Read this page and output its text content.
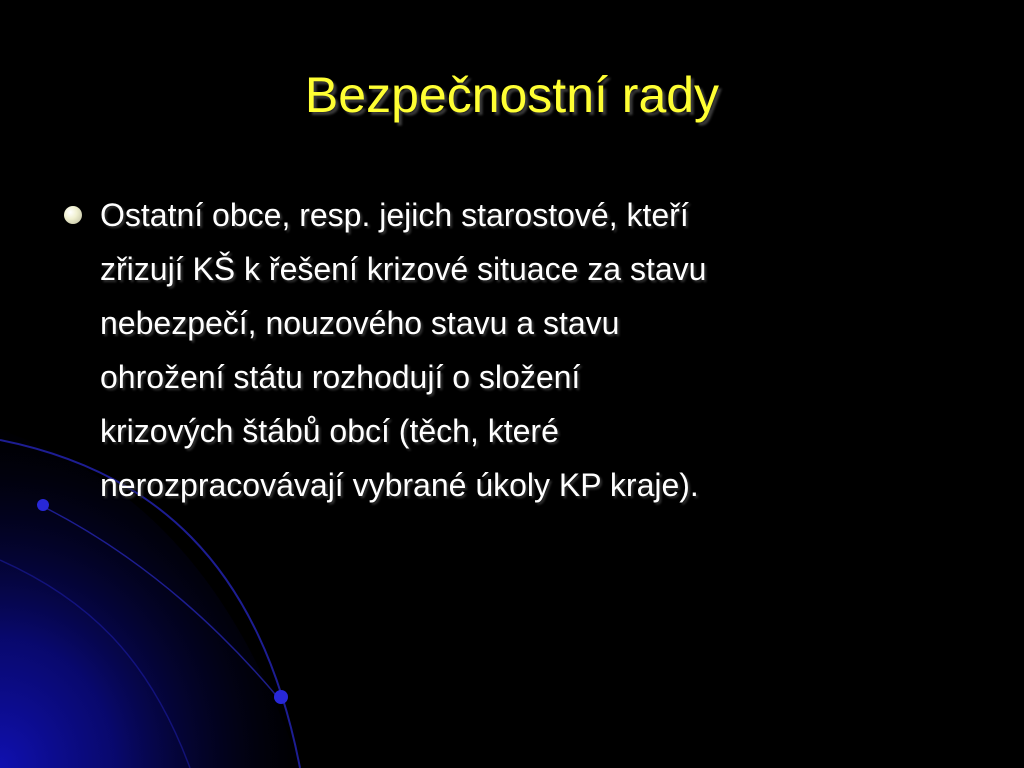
Bezpečnostní rady
Ostatní obce, resp. jejich starostové, kteří
zřizují KŠ k řešení krizové situace za stavu
nebezpečí, nouzového stavu a stavu
ohrožení státu rozhodují o složení
krizových štábů obcí (těch, které
nerozpracovávají vybrané úkoly KP kraje).
